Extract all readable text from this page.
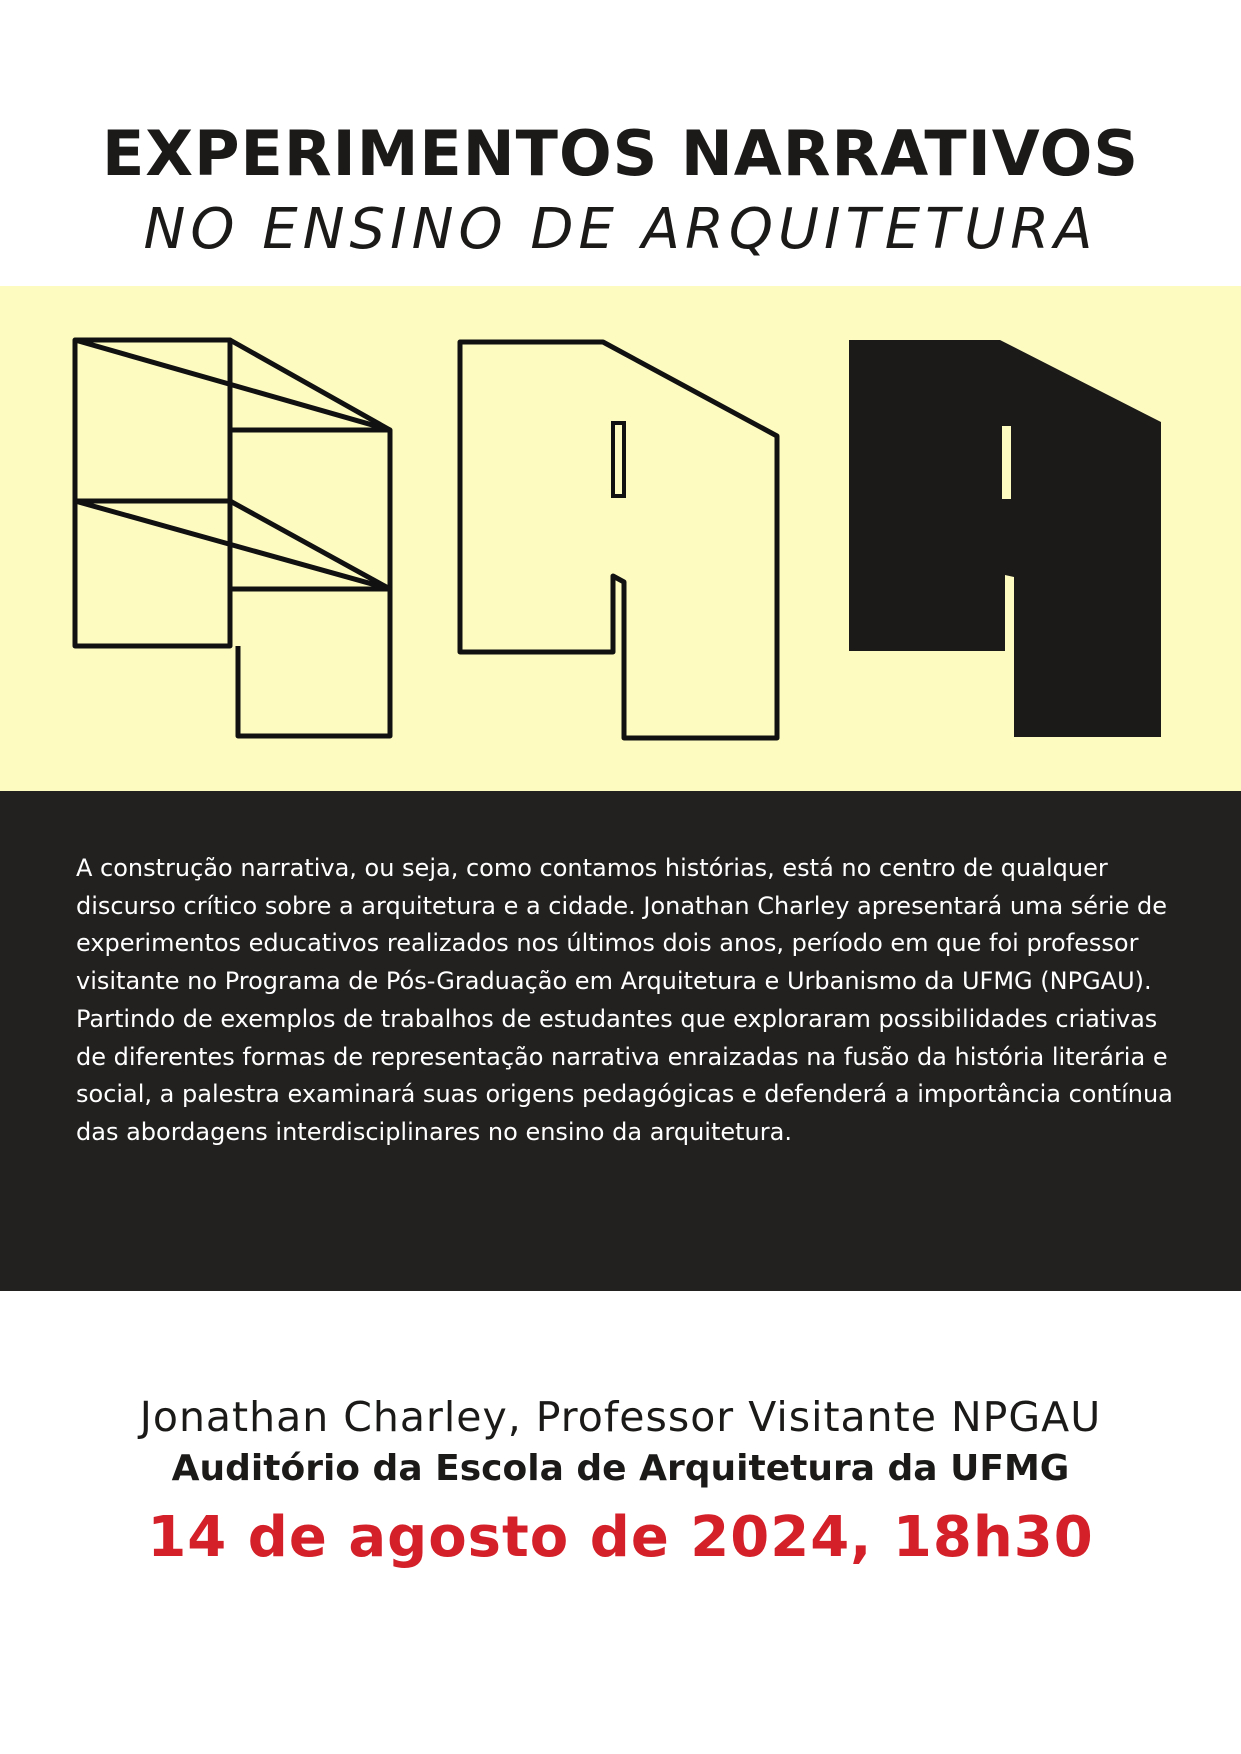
EXPERIMENTOS NARRATIVOS
NO ENSINO DE ARQUITETURA

A construção narrativa, ou seja, como contamos histórias, está no centro de qualquer discurso crítico sobre a arquitetura e a cidade. Jonathan Charley apresentará uma série de experimentos educativos realizados nos últimos dois anos, período em que foi professor visitante no Programa de Pós-Graduação em Arquitetura e Urbanismo da UFMG (NPGAU). Partindo de exemplos de trabalhos de estudantes que exploraram possibilidades criativas de diferentes formas de representação narrativa enraizadas na fusão da história literária e social, a palestra examinará suas origens pedagógicas e defenderá a importância contínua das abordagens interdisciplinares no ensino da arquitetura.

Jonathan Charley, Professor Visitante NPGAU
Auditório da Escola de Arquitetura da UFMG
14 de agosto de 2024, 18h30
